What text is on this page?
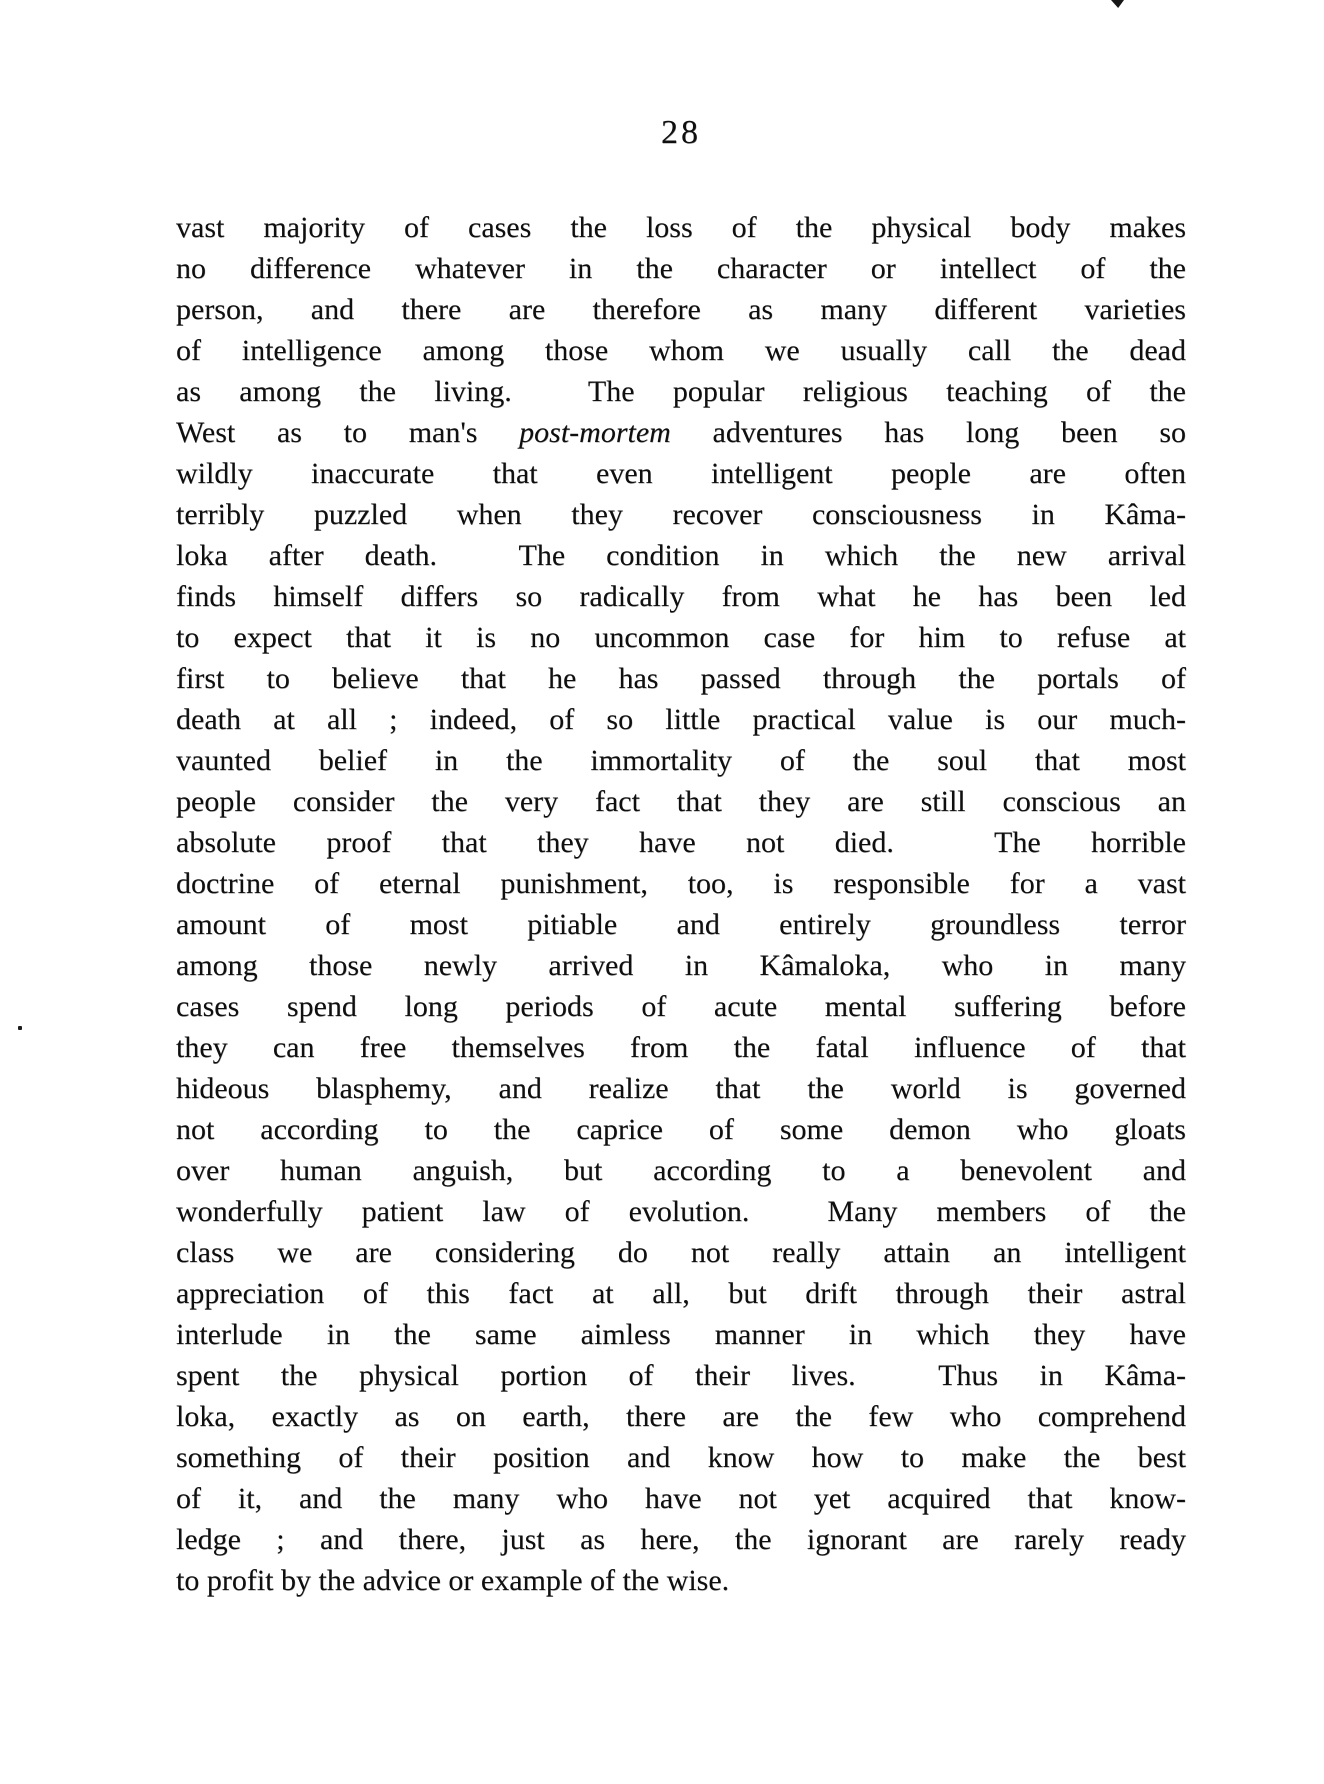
28
vast majority of cases the loss of the physical body makes
no difference whatever in the character or intellect of the
person, and there are therefore as many different varieties
of intelligence among those whom we usually call the dead
as among the living.  The popular religious teaching of the
West as to man's post-mortem adventures has long been so
wildly inaccurate that even intelligent people are often
terribly puzzled when they recover consciousness in Kâma-
loka after death.  The condition in which the new arrival
finds himself differs so radically from what he has been led
to expect that it is no uncommon case for him to refuse at
first to believe that he has passed through the portals of
death at all ; indeed, of so little practical value is our much-
vaunted belief in the immortality of the soul that most
people consider the very fact that they are still conscious an
absolute proof that they have not died.  The horrible
doctrine of eternal punishment, too, is responsible for a vast
amount of most pitiable and entirely groundless terror
among those newly arrived in Kâmaloka, who in many
cases spend long periods of acute mental suffering before
they can free themselves from the fatal influence of that
hideous blasphemy, and realize that the world is governed
not according to the caprice of some demon who gloats
over human anguish, but according to a benevolent and
wonderfully patient law of evolution.  Many members of the
class we are considering do not really attain an intelligent
appreciation of this fact at all, but drift through their astral
interlude in the same aimless manner in which they have
spent the physical portion of their lives.  Thus in Kâma-
loka, exactly as on earth, there are the few who comprehend
something of their position and know how to make the best
of it, and the many who have not yet acquired that know-
ledge ; and there, just as here, the ignorant are rarely ready
to profit by the advice or example of the wise.
